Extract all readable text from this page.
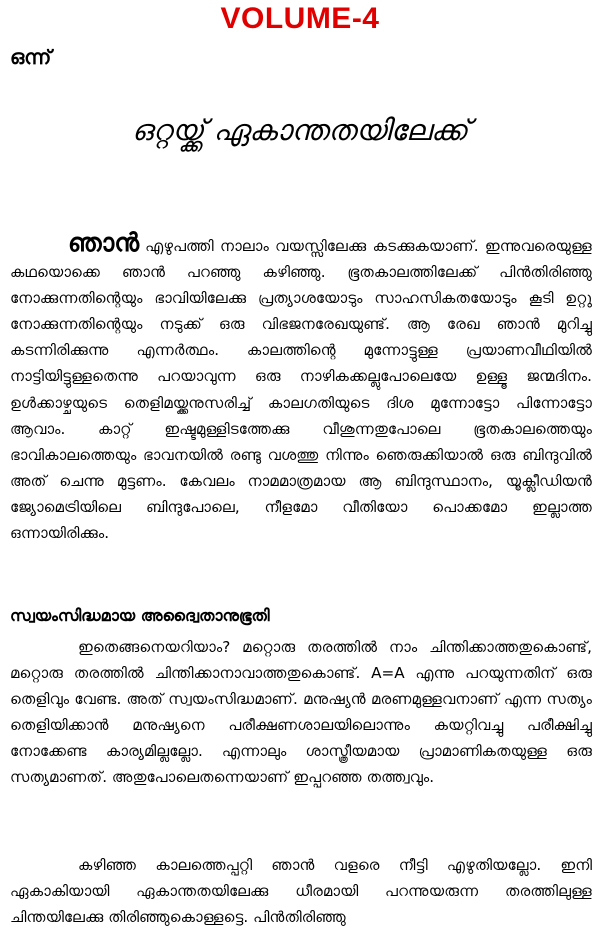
VOLUME-4
ഒന്ന്
ഒറ്റയ്ക്ക് ഏകാന്തതയിലേക്ക്

ഞാൻ എഴുപത്തി നാലാം വയസ്സിലേക്കു കടക്കുകയാണ്. ഇന്നുവരെയുള്ള കഥയൊക്കെ ഞാൻ പറഞ്ഞു കഴിഞ്ഞു. ഭൂതകാലത്തിലേക്ക് പിൻതിരിഞ്ഞു നോക്കുന്നതിന്റെയും ഭാവിയിലേക്കു പ്രത്യാശയോടും സാഹസികതയോടും കൂടി ഉറ്റു നോക്കുന്നതിന്റെയും നടുക്ക് ഒരു വിഭജനരേഖയുണ്ട്. ആ രേഖ ഞാൻ മുറിച്ചു കടന്നിരിക്കുന്നു എന്നർത്ഥം. കാലത്തിന്റെ മുന്നോട്ടുള്ള പ്രയാണവീഥിയിൽ നാട്ടിയിട്ടുള്ളതെന്നു പറയാവുന്ന ഒരു നാഴികക്കല്ലുപോലെയേ ഉള്ളൂ ജന്മദിനം. ഉൾക്കാഴ്ചയുടെ തെളിമയ്ക്കനുസരിച്ച് കാലഗതിയുടെ ദിശ മുന്നോട്ടോ പിന്നോട്ടോ ആവാം. കാറ്റ് ഇഷ്ടമുള്ളിടത്തേക്കു വീശുന്നതുപോലെ ഭൂതകാലത്തെയും ഭാവികാലത്തെയും ഭാവനയിൽ രണ്ടു വശത്തു നിന്നും ഞെരുക്കിയാൽ ഒരു ബിന്ദുവിൽ അത് ചെന്നു മുട്ടണം. കേവലം നാമമാത്രമായ ആ ബിന്ദുസ്ഥാനം, യൂക്ലീഡിയൻ ജ്യോമെട്രിയിലെ ബിന്ദുപോലെ, നീളമോ വീതിയോ പൊക്കമോ ഇല്ലാത്ത ഒന്നായിരിക്കും.

സ്വയംസിദ്ധമായ അദ്വൈതാനുഭൂതി

ഇതെങ്ങനെയറിയാം? മറ്റൊരു തരത്തിൽ നാം ചിന്തിക്കാത്തതുകൊണ്ട്, മറ്റൊരു തരത്തിൽ ചിന്തിക്കാനാവാത്തതുകൊണ്ട്. A=A എന്നു പറയുന്നതിന് ഒരു തെളിവും വേണ്ട. അത് സ്വയംസിദ്ധമാണ്. മനുഷ്യൻ മരണമുള്ളവനാണ് എന്ന സത്യം തെളിയിക്കാൻ മനുഷ്യനെ പരീക്ഷണശാലയിലൊന്നും കയറ്റിവച്ചു പരീക്ഷിച്ചു നോക്കേണ്ട കാര്യമില്ലല്ലോ. എന്നാലും ശാസ്ത്രീയമായ പ്രാമാണികതയുള്ള ഒരു സത്യമാണത്. അതുപോലെതന്നെയാണ് ഇപ്പറഞ്ഞ തത്ത്വവും.

കഴിഞ്ഞ കാലത്തെപ്പറ്റി ഞാൻ വളരെ നീട്ടി എഴുതിയല്ലോ. ഇനി ഏകാകിയായി ഏകാന്തതയിലേക്കു ധീരമായി പറന്നുയരുന്ന തരത്തിലുള്ള ചിന്തയിലേക്കു തിരിഞ്ഞുകൊള്ളട്ടെ. പിൻതിരിഞ്ഞു
